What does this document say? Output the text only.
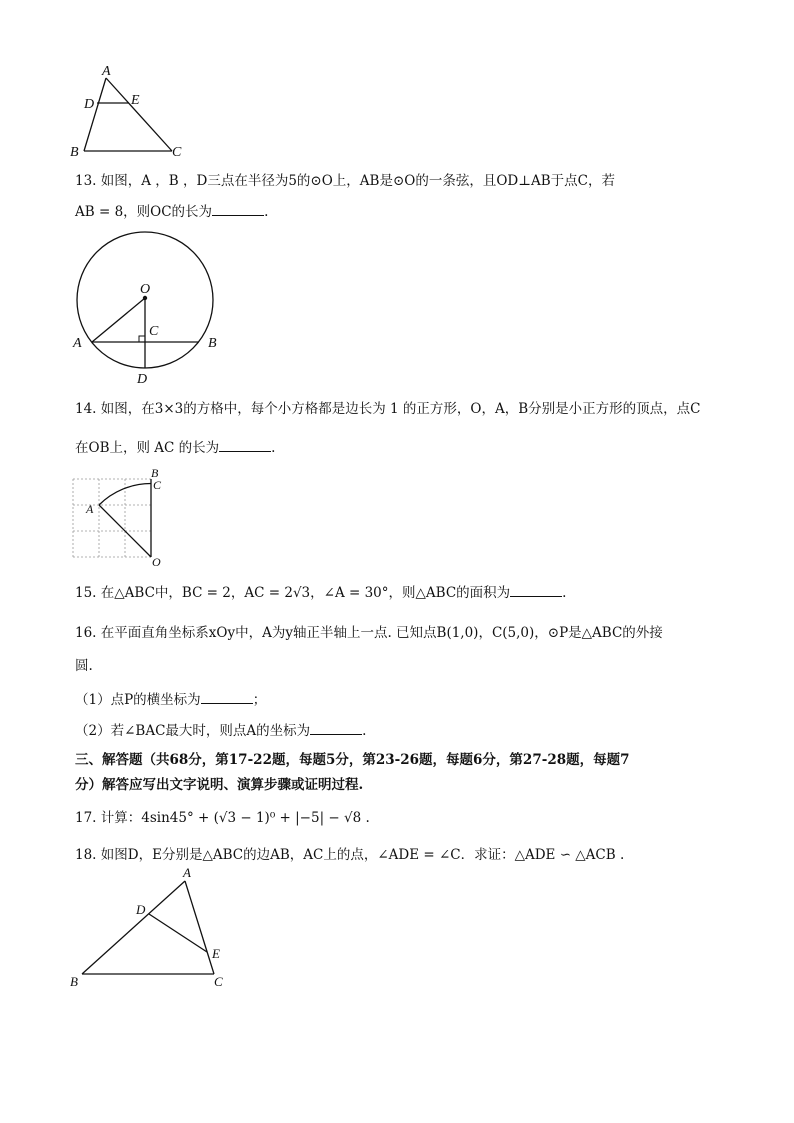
A
D	E
B	C
13. 如图，A ，B ，D三点在半径为5的⊙O上，AB是⊙O的一条弦，且OD⊥AB于点C，若
AB = 8，则OC的长为	.
O
A	B
C
D
14. 如图，在3×3的方格中，每个小方格都是边长为 1 的正方形，O，A，B分别是小正方形的顶点，点C
在OB上，则 AC 的长为	.
B
C
A
O
15. 在△ABC中，BC = 2，AC = 2√3，∠A = 30°，则△ABC的面积为	.
16. 在平面直角坐标系xOy中，A为y轴正半轴上一点. 已知点B(1,0)，C(5,0)，⊙P是△ABC的外接
圆.
（1）点P的横坐标为	；
（2）若∠BAC最大时，则点A的坐标为	.
三、解答题（共68分，第17-22题，每题5分，第23-26题，每题6分，第27-28题，每题7
分）解答应写出文字说明、演算步骤或证明过程.
17. 计算：4sin45° + (√3 − 1)⁰ + |−5| − √8 .
18. 如图D，E分别是△ABC的边AB，AC上的点，∠ADE = ∠C．求证：△ADE ∽ △ACB .
A
D
E
B	C
